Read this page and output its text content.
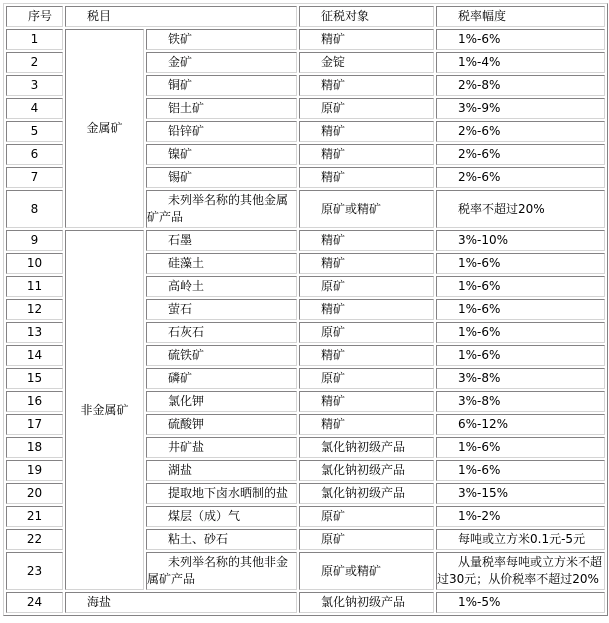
序号	税目		征税对象	税率幅度
1	金属矿	铁矿	精矿	1%-6%
2		金矿	金锭	1%-4%
3		铜矿	精矿	2%-8%
4		铝土矿	原矿	3%-9%
5		铅锌矿	精矿	2%-6%
6		镍矿	精矿	2%-6%
7		锡矿	精矿	2%-6%
8		未列举名称的其他金属矿产品	原矿或精矿	税率不超过20%
9	非金属矿	石墨	精矿	3%-10%
10		硅藻土	精矿	1%-6%
11		高岭土	原矿	1%-6%
12		萤石	精矿	1%-6%
13		石灰石	原矿	1%-6%
14		硫铁矿	精矿	1%-6%
15		磷矿	原矿	3%-8%
16		氯化钾	精矿	3%-8%
17		硫酸钾	精矿	6%-12%
18		井矿盐	氯化钠初级产品	1%-6%
19		湖盐	氯化钠初级产品	1%-6%
20		提取地下卤水晒制的盐	氯化钠初级产品	3%-15%
21		煤层（成）气	原矿	1%-2%
22		粘土、砂石	原矿	每吨或立方米0.1元-5元
23		未列举名称的其他非金属矿产品	原矿或精矿	从量税率每吨或立方米不超过30元；从价税率不超过20%
24	海盐		氯化钠初级产品	1%-5%
